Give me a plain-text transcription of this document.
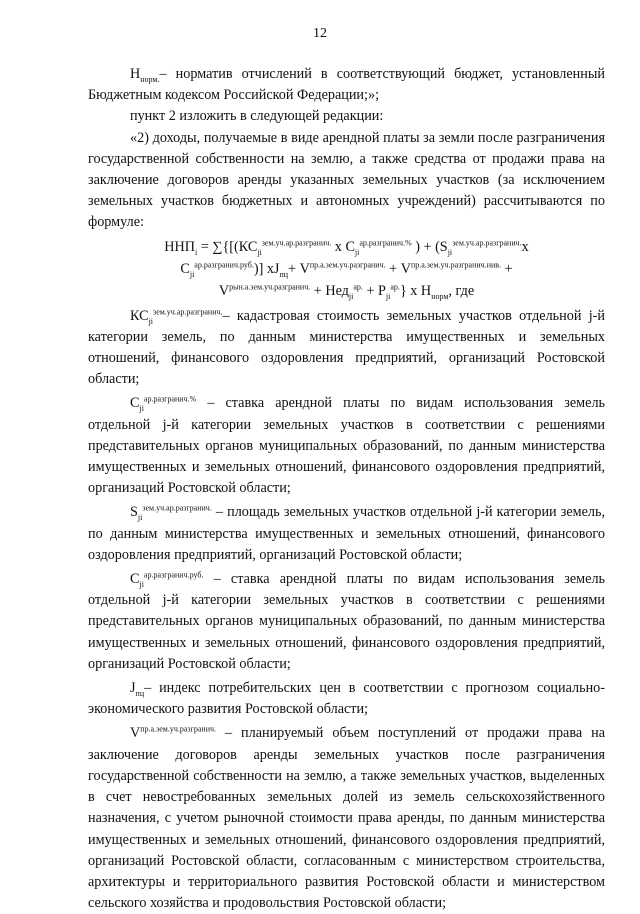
12

$Н_{норм.}-$ норматив отчислений в соответствующий бюджет, установленный Бюджетным кодексом Российской Федерации;»;

пункт 2 изложить в следующей редакции:

«2) доходы, получаемые в виде арендной платы за земли после разграничения государственной собственности на землю, а также средства от продажи права на заключение договоров аренды указанных земельных участков (за исключением земельных участков бюджетных и автономных учреждений) рассчитываются по формуле:

$ННП_i = \sum\{[(КС_{ji}^{зем.уч.ар.разгранич.}$ х $С_{ji}^{ар.разгранич.\%}$ ) + ($S_{ji}^{зем.уч.ар.разгранич.}х$
$С_{ji}^{ар.разгранич.руб.}$)] $хJ_{пц}+ V^{пр.а.зем.уч.разгранич.} + V^{пр.а.зем.уч.разгранич.нив.}$ +
$V^{рын.а.зем.уч.разгранич.} + Нед_{ji}^{ар.} + Р_{ji}^{ар.}$} х $Н_{норм}$, где

$КС_{ji}^{зем.уч.ар.разгранич.}-$ кадастровая стоимость земельных участков отдельной j-й категории земель, по данным министерства имущественных и земельных отношений, финансового оздоровления предприятий, организаций Ростовской области;

$С_{ji}^{ар.разгранич.\%}$ – ставка арендной платы по видам использования земель отдельной j-й категории земельных участков в соответствии с решениями представительных органов муниципальных образований, по данным министерства имущественных и земельных отношений, финансового оздоровления предприятий, организаций Ростовской области;

$S_{ji}^{зем.уч.ар.разгранич.}$ – площадь земельных участков отдельной j-й категории земель, по данным министерства имущественных и земельных отношений, финансового оздоровления предприятий, организаций Ростовской области;

$С_{ji}^{ар.разгранич.руб.}$ – ставка арендной платы по видам использования земель отдельной j-й категории земельных участков в соответствии с решениями представительных органов муниципальных образований, по данным министерства имущественных и земельных отношений, финансового оздоровления предприятий, организаций Ростовской области;

$J_{пц}-$ индекс потребительских цен в соответствии с прогнозом социально-экономического развития Ростовской области;

$V^{пр.а.зем.уч.разгранич.}$ – планируемый объем поступлений от продажи права на заключение договоров аренды земельных участков после разграничения государственной собственности на землю, а также земельных участков, выделенных в счет невостребованных земельных долей из земель сельскохозяйственного назначения, с учетом рыночной стоимости права аренды, по данным министерства имущественных и земельных отношений, финансового оздоровления предприятий, организаций Ростовской области, согласованным с министерством строительства, архитектуры и территориального развития Ростовской области и министерством сельского хозяйства и продовольствия Ростовской области;
